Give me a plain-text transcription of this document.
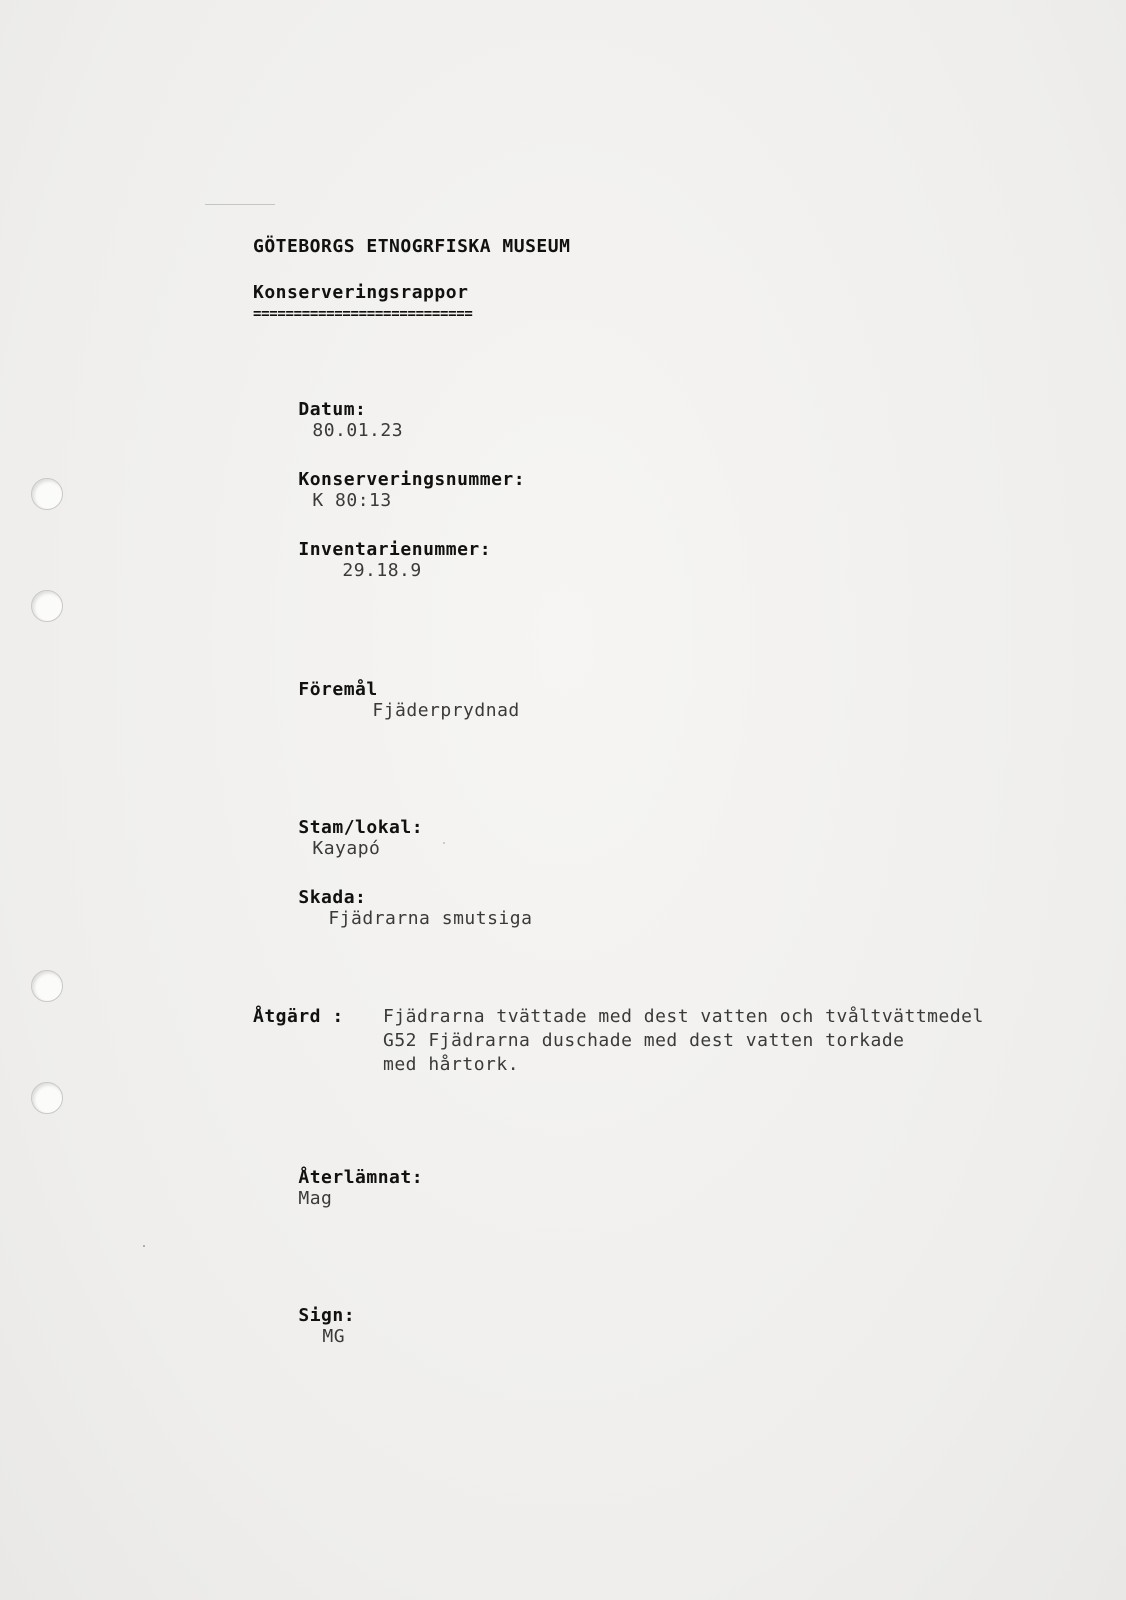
GÖTEBORGS ETNOGRFISKA MUSEUM
Konserveringsrappor
===========================

Datum:
80.01.23

Konserveringsnummer:
K 80:13

Inventarienummer:
29.18.9

Föremål
Fjäderprydnad

Stam/lokal:
Kayapó

Skada:
Fjädrarna smutsiga

Åtgärd : Fjädrarna tvättade med dest vatten och tvåltvättmedel
G52 Fjädrarna duschade med dest vatten torkade
med hårtork.

Återlämnat:
Mag

Sign:
MG
